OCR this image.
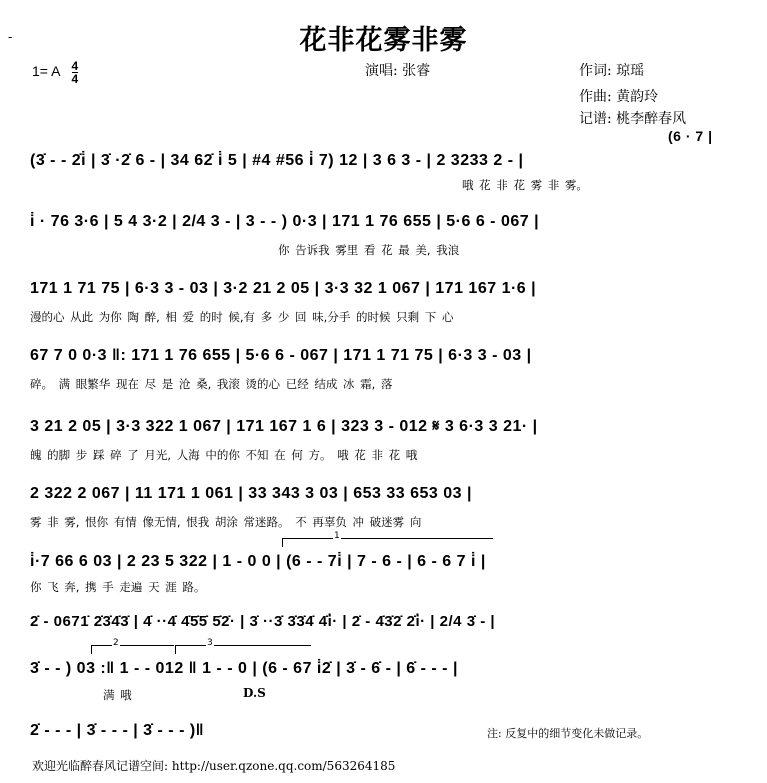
-	花非花雾非雾
1= A $\frac{4}{4}$	演唱: 张睿	作词: 琼瑶
作曲: 黄韵玲
记谱: 桃李醉春风
(6 · 7 |
(3̇ - - 2̇i̇ | 3̇ ·2̇ 6 - | 34 62̇ i̇ 5 | #4 #56 i̇ 7) 12 | 3 6 3 - | 2 3233 2 - |
哦 花 非 花 雾 非 雾。
i̇ · 76 3·6 | 5 4 3·2 | 2/4 3 - | 3 - - ) 0·3 | 171 1 76 655 | 5·6 6 - 067 |
你 告诉我 雾里 看 花 最 美, 我浪
171 1 71 75 | 6·3 3 - 03 | 3·2 21 2 05 | 3·3 32 1 067 | 171 167 1·6 |
漫的心 从此 为你 陶 醉, 相 爱 的时 候,有 多 少 回 味,分手 的时候 只剩 下 心
67 7 0 0·3 ‖: 171 1 76 655 | 5·6 6 - 067 | 171 1 71 75 | 6·3 3 - 03 |
碎。 满 眼繁华 现在 尽 是 沧 桑, 我滚 烫的心 已经 结成 冰 霜, 落
3 21 2 05 | 3·3 322 1 067 | 171 167 1 6 | 323 3 - 012 𝄋 3 6·3 3 21· |
魄 的脚 步 踩 碎 了 月光, 人海 中的你 不知 在 何 方。 哦 花 非 花 哦
2 322 2 067 | 11 171 1 061 | 33 343 3 03 | 653 33 653 03 |
雾 非 雾, 恨你 有情 像无情, 恨我 胡涂 常迷路。 不 再辜负 冲 破迷雾 向
1
i̇·7 66 6 03 | 2 23 5 322 | 1 - 0 0 | (6 - - 7i̇ | 7 - 6 - | 6 - 6 7 i̇ |
你 飞 奔, 携 手 走遍 天 涯 路。
2̇ - 0671̇ 2̇3̇4̇3̇ | 4̇ ··4̇ 4̇5̇5̇ 5̇2̇· | 3̇ ··3̇ 3̇3̇4̇ 4̇i̇· | 2̇ - 4̇3̇2̇ 2̇i̇· | 2/4 3̇ - |
2	3
3̇ - - ) 03 :‖ 1 - - 012 ‖ 1 - - 0 | (6 - 67 i̇2̇ | 3̇ - 6̇ - | 6̇ - - - |
满 哦	D.S
2̇ - - - | 3̇ - - - | 3̇ - - - )‖	注: 反复中的细节变化未做记录。
欢迎光临醉春风记谱空间: http://user.qzone.qq.com/563264185
